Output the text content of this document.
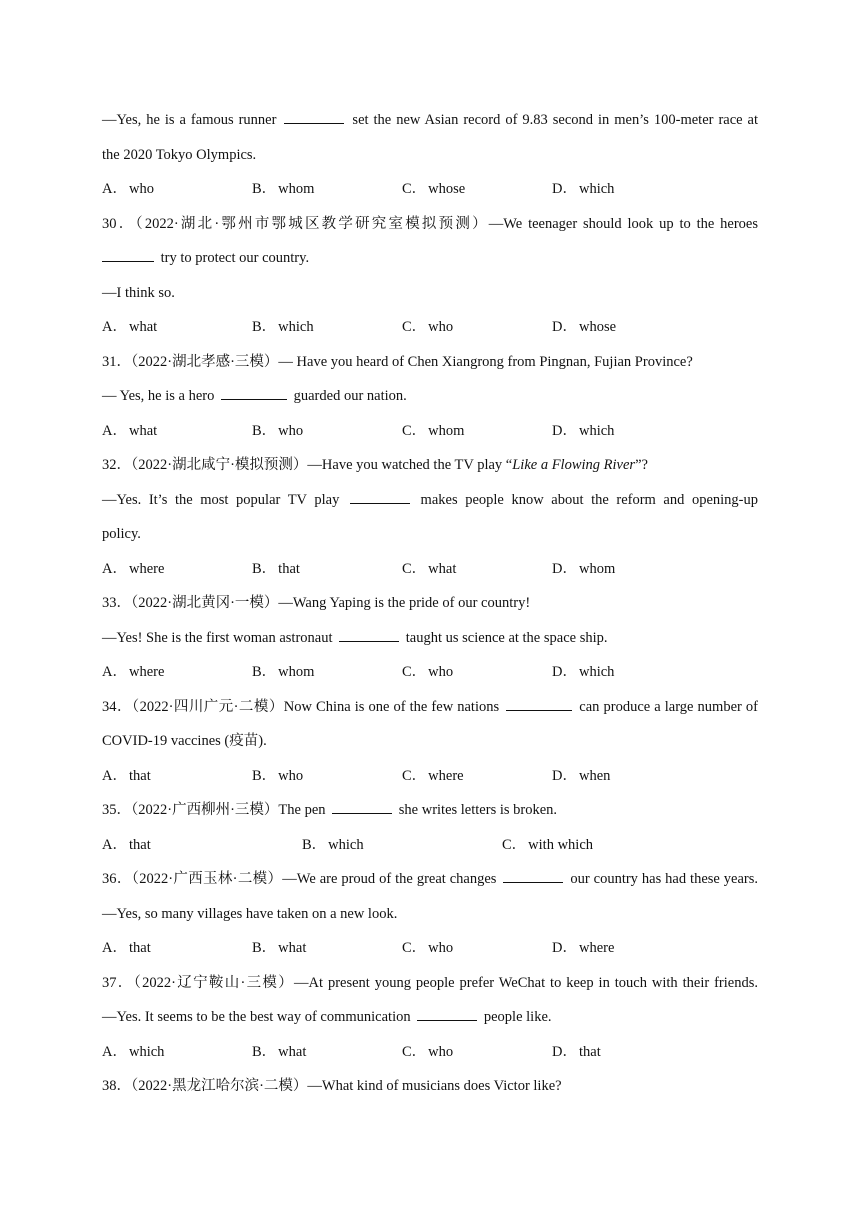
—Yes, he is a famous runner	set the new Asian record of 9.83 second in men’s 100-meter race at
the 2020 Tokyo Olympics.
A． who	B． whom	C． whose	D． which
30．（2022·湖北·鄂州市鄂城区教学研究室模拟预测）—We teenager should look up to the heroes
try to protect our country.
—I think so.
A． what	B． which	C． who	D． whose
31．（2022·湖北孝感·三模）— Have you heard of Chen Xiangrong from Pingnan, Fujian Province?
— Yes, he is a hero	guarded our nation.
A． what	B． who	C． whom	D． which
32．（2022·湖北咸宁·模拟预测）—Have you watched the TV play “Like a Flowing River”?
—Yes. It’s the most popular TV play	makes people know about the reform and opening-up
policy.
A． where	B． that	C． what	D． whom
33．（2022·湖北黄冈·一模）—Wang Yaping is the pride of our country!
—Yes! She is the first woman astronaut	taught us science at the space ship.
A． where	B． whom	C． who	D． which
34．（2022·四川广元·二模）Now China is one of the few nations	can produce a large number of
COVID-19 vaccines (疫苗).
A． that	B． who	C． where	D． when
35．（2022·广西柳州·三模）The pen	she writes letters is broken.
A． that	B． which	C． with which
36．（2022·广西玉林·二模）—We are proud of the great changes	our country has had these years.
—Yes, so many villages have taken on a new look.
A． that	B． what	C． who	D． where
37．（2022·辽宁鞍山·三模）—At present young people prefer WeChat to keep in touch with their friends.
—Yes. It seems to be the best way of communication	people like.
A． which	B． what	C． who	D． that
38．（2022·黑龙江哈尔滨·二模）—What kind of musicians does Victor like?
